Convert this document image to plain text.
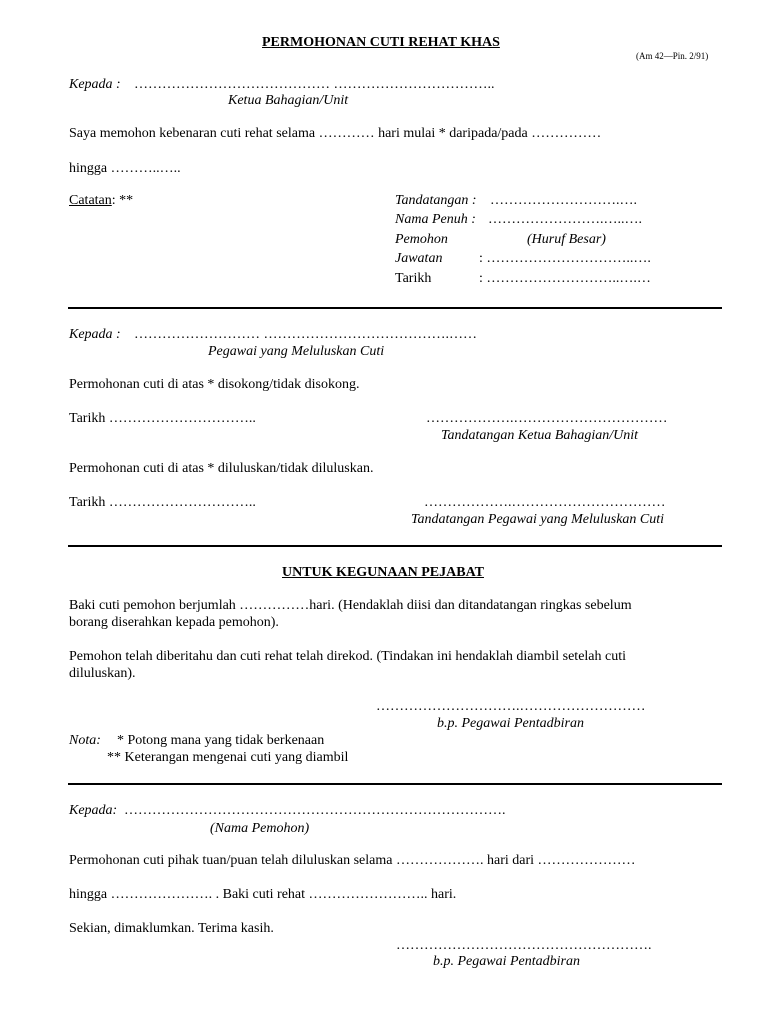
PERMOHONAN CUTI REHAT KHAS
(Am 42—Pin. 2/91)
Kepada : …………………………………… ……………………………..
Ketua Bahagian/Unit
Saya memohon kebenaran cuti rehat selama ………… hari mulai * daripada/pada ……………
hingga ………..…..
Catatan: **	Tandatangan : ……………………….….
Nama Penuh : …………………….…..….
Pemohon	(Huruf Besar)
Jawatan	: …………………………..….
Tarikh	: ………………………..….…
Kepada : ……………………… ………………………………….……
Pegawai yang Meluluskan Cuti
Permohonan cuti di atas * disokong/tidak disokong.
Tarikh …………………………..	……………….……………………………
Tandatangan Ketua Bahagian/Unit
Permohonan cuti di atas * diluluskan/tidak diluluskan.
Tarikh …………………………..	……………….……………………………
Tandatangan Pegawai yang Meluluskan Cuti
UNTUK KEGUNAAN PEJABAT
Baki cuti pemohon berjumlah ……………hari. (Hendaklah diisi dan ditandatangan ringkas sebelum
borang diserahkan kepada pemohon).
Pemohon telah diberitahu dan cuti rehat telah direkod. (Tindakan ini hendaklah diambil setelah cuti
diluluskan).
………………………….………………………
b.p. Pegawai Pentadbiran
Nota: * Potong mana yang tidak berkenaan
** Keterangan mengenai cuti yang diambil
Kepada: ……………………………………………………………………….
(Nama Pemohon)
Permohonan cuti pihak tuan/puan telah diluluskan selama ………………. hari dari …………………
hingga …………………. . Baki cuti rehat …………………….. hari.
Sekian, dimaklumkan. Terima kasih.
……………………………………………….
b.p. Pegawai Pentadbiran
